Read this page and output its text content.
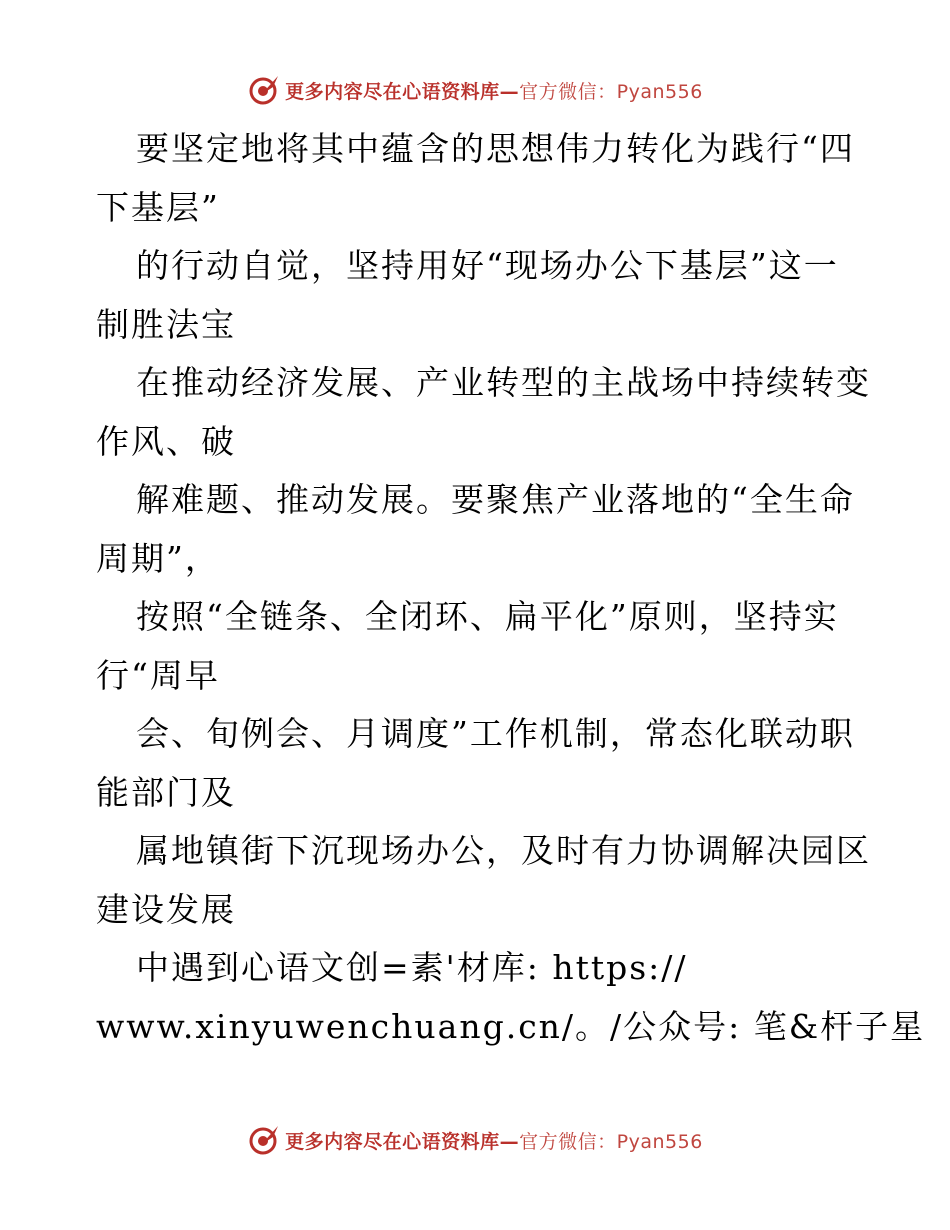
更多内容尽在心语资料库—官方微信：Pyan556
要坚定地将其中蕴含的思想伟力转化为践行“四
下基层”
的行动自觉，坚持用好“现场办公下基层”这一
制胜法宝
在推动经济发展、产业转型的主战场中持续转变
作风、破
解难题、推动发展。要聚焦产业落地的“全生命
周期”，
按照“全链条、全闭环、扁平化”原则，坚持实
行“周早
会、旬例会、月调度”工作机制，常态化联动职
能部门及
属地镇街下沉现场办公，及时有力协调解决园区
建设发展
中遇到心语文创=素'材库: https://
www.xinyuwenchuang.cn/。/公众号: 笔&杆子星
更多内容尽在心语资料库—官方微信：Pyan556
